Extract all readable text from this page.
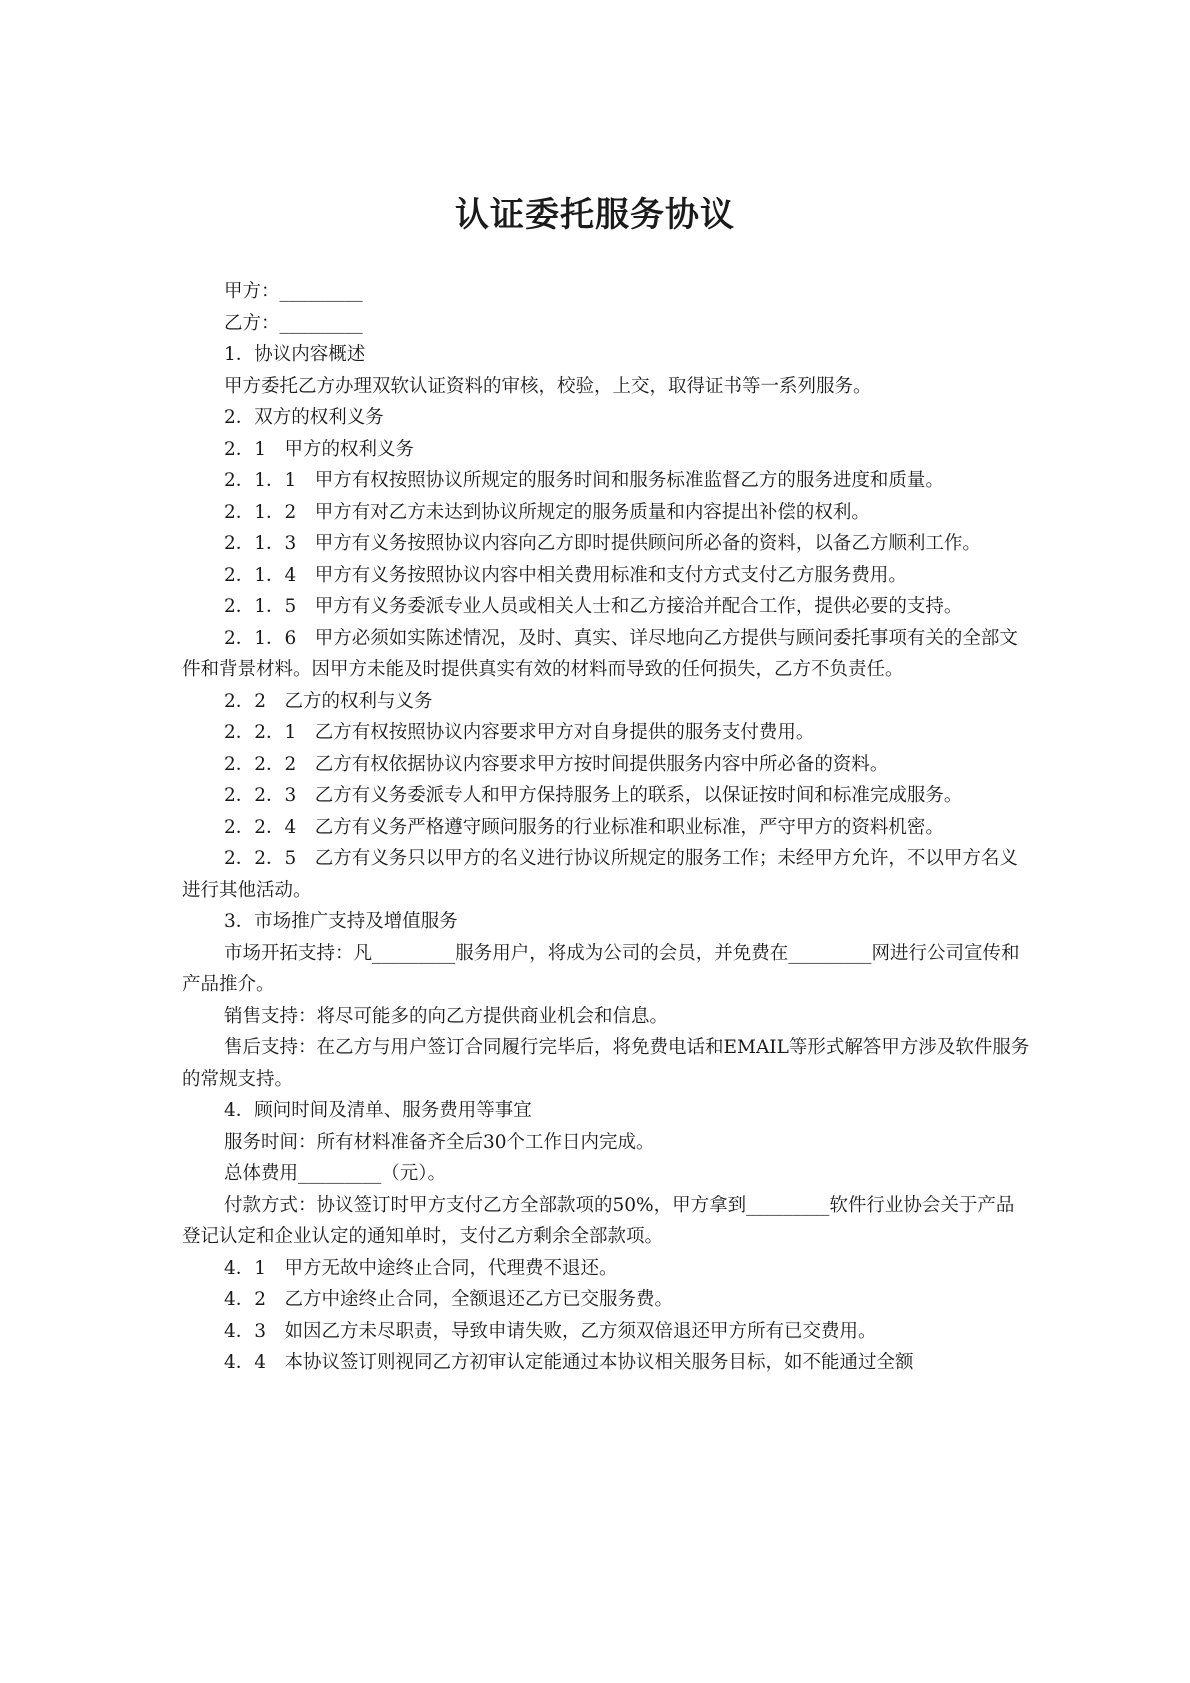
认证委托服务协议

甲方：_________

乙方：_________

1．协议内容概述

甲方委托乙方办理双软认证资料的审核，校验，上交，取得证书等一系列服务。

2．双方的权利义务

2．1　甲方的权利义务

2．1．1　甲方有权按照协议所规定的服务时间和服务标准监督乙方的服务进度和质量。

2．1．2　甲方有对乙方未达到协议所规定的服务质量和内容提出补偿的权利。

2．1．3　甲方有义务按照协议内容向乙方即时提供顾问所必备的资料，以备乙方顺利工作。

2．1．4　甲方有义务按照协议内容中相关费用标准和支付方式支付乙方服务费用。

2．1．5　甲方有义务委派专业人员或相关人士和乙方接洽并配合工作，提供必要的支持。

2．1．6　甲方必须如实陈述情况，及时、真实、详尽地向乙方提供与顾问委托事项有关的全部文件和背景材料。因甲方未能及时提供真实有效的材料而导致的任何损失，乙方不负责任。

2．2　乙方的权利与义务

2．2．1　乙方有权按照协议内容要求甲方对自身提供的服务支付费用。

2．2．2　乙方有权依据协议内容要求甲方按时间提供服务内容中所必备的资料。

2．2．3　乙方有义务委派专人和甲方保持服务上的联系，以保证按时间和标准完成服务。

2．2．4　乙方有义务严格遵守顾问服务的行业标准和职业标准，严守甲方的资料机密。

2．2．5　乙方有义务只以甲方的名义进行协议所规定的服务工作；未经甲方允许，不以甲方名义进行其他活动。

3．市场推广支持及增值服务

市场开拓支持：凡_________服务用户，将成为公司的会员，并免费在_________网进行公司宣传和产品推介。

销售支持：将尽可能多的向乙方提供商业机会和信息。

售后支持：在乙方与用户签订合同履行完毕后，将免费电话和EMAIL等形式解答甲方涉及软件服务的常规支持。

4．顾问时间及清单、服务费用等事宜

服务时间：所有材料准备齐全后30个工作日内完成。

总体费用_________（元）。

付款方式：协议签订时甲方支付乙方全部款项的50%，甲方拿到_________软件行业协会关于产品登记认定和企业认定的通知单时，支付乙方剩余全部款项。

4．1　甲方无故中途终止合同，代理费不退还。

4．2　乙方中途终止合同，全额退还乙方已交服务费。

4．3　如因乙方未尽职责，导致申请失败，乙方须双倍退还甲方所有已交费用。

4．4　本协议签订则视同乙方初审认定能通过本协议相关服务目标，如不能通过全额
